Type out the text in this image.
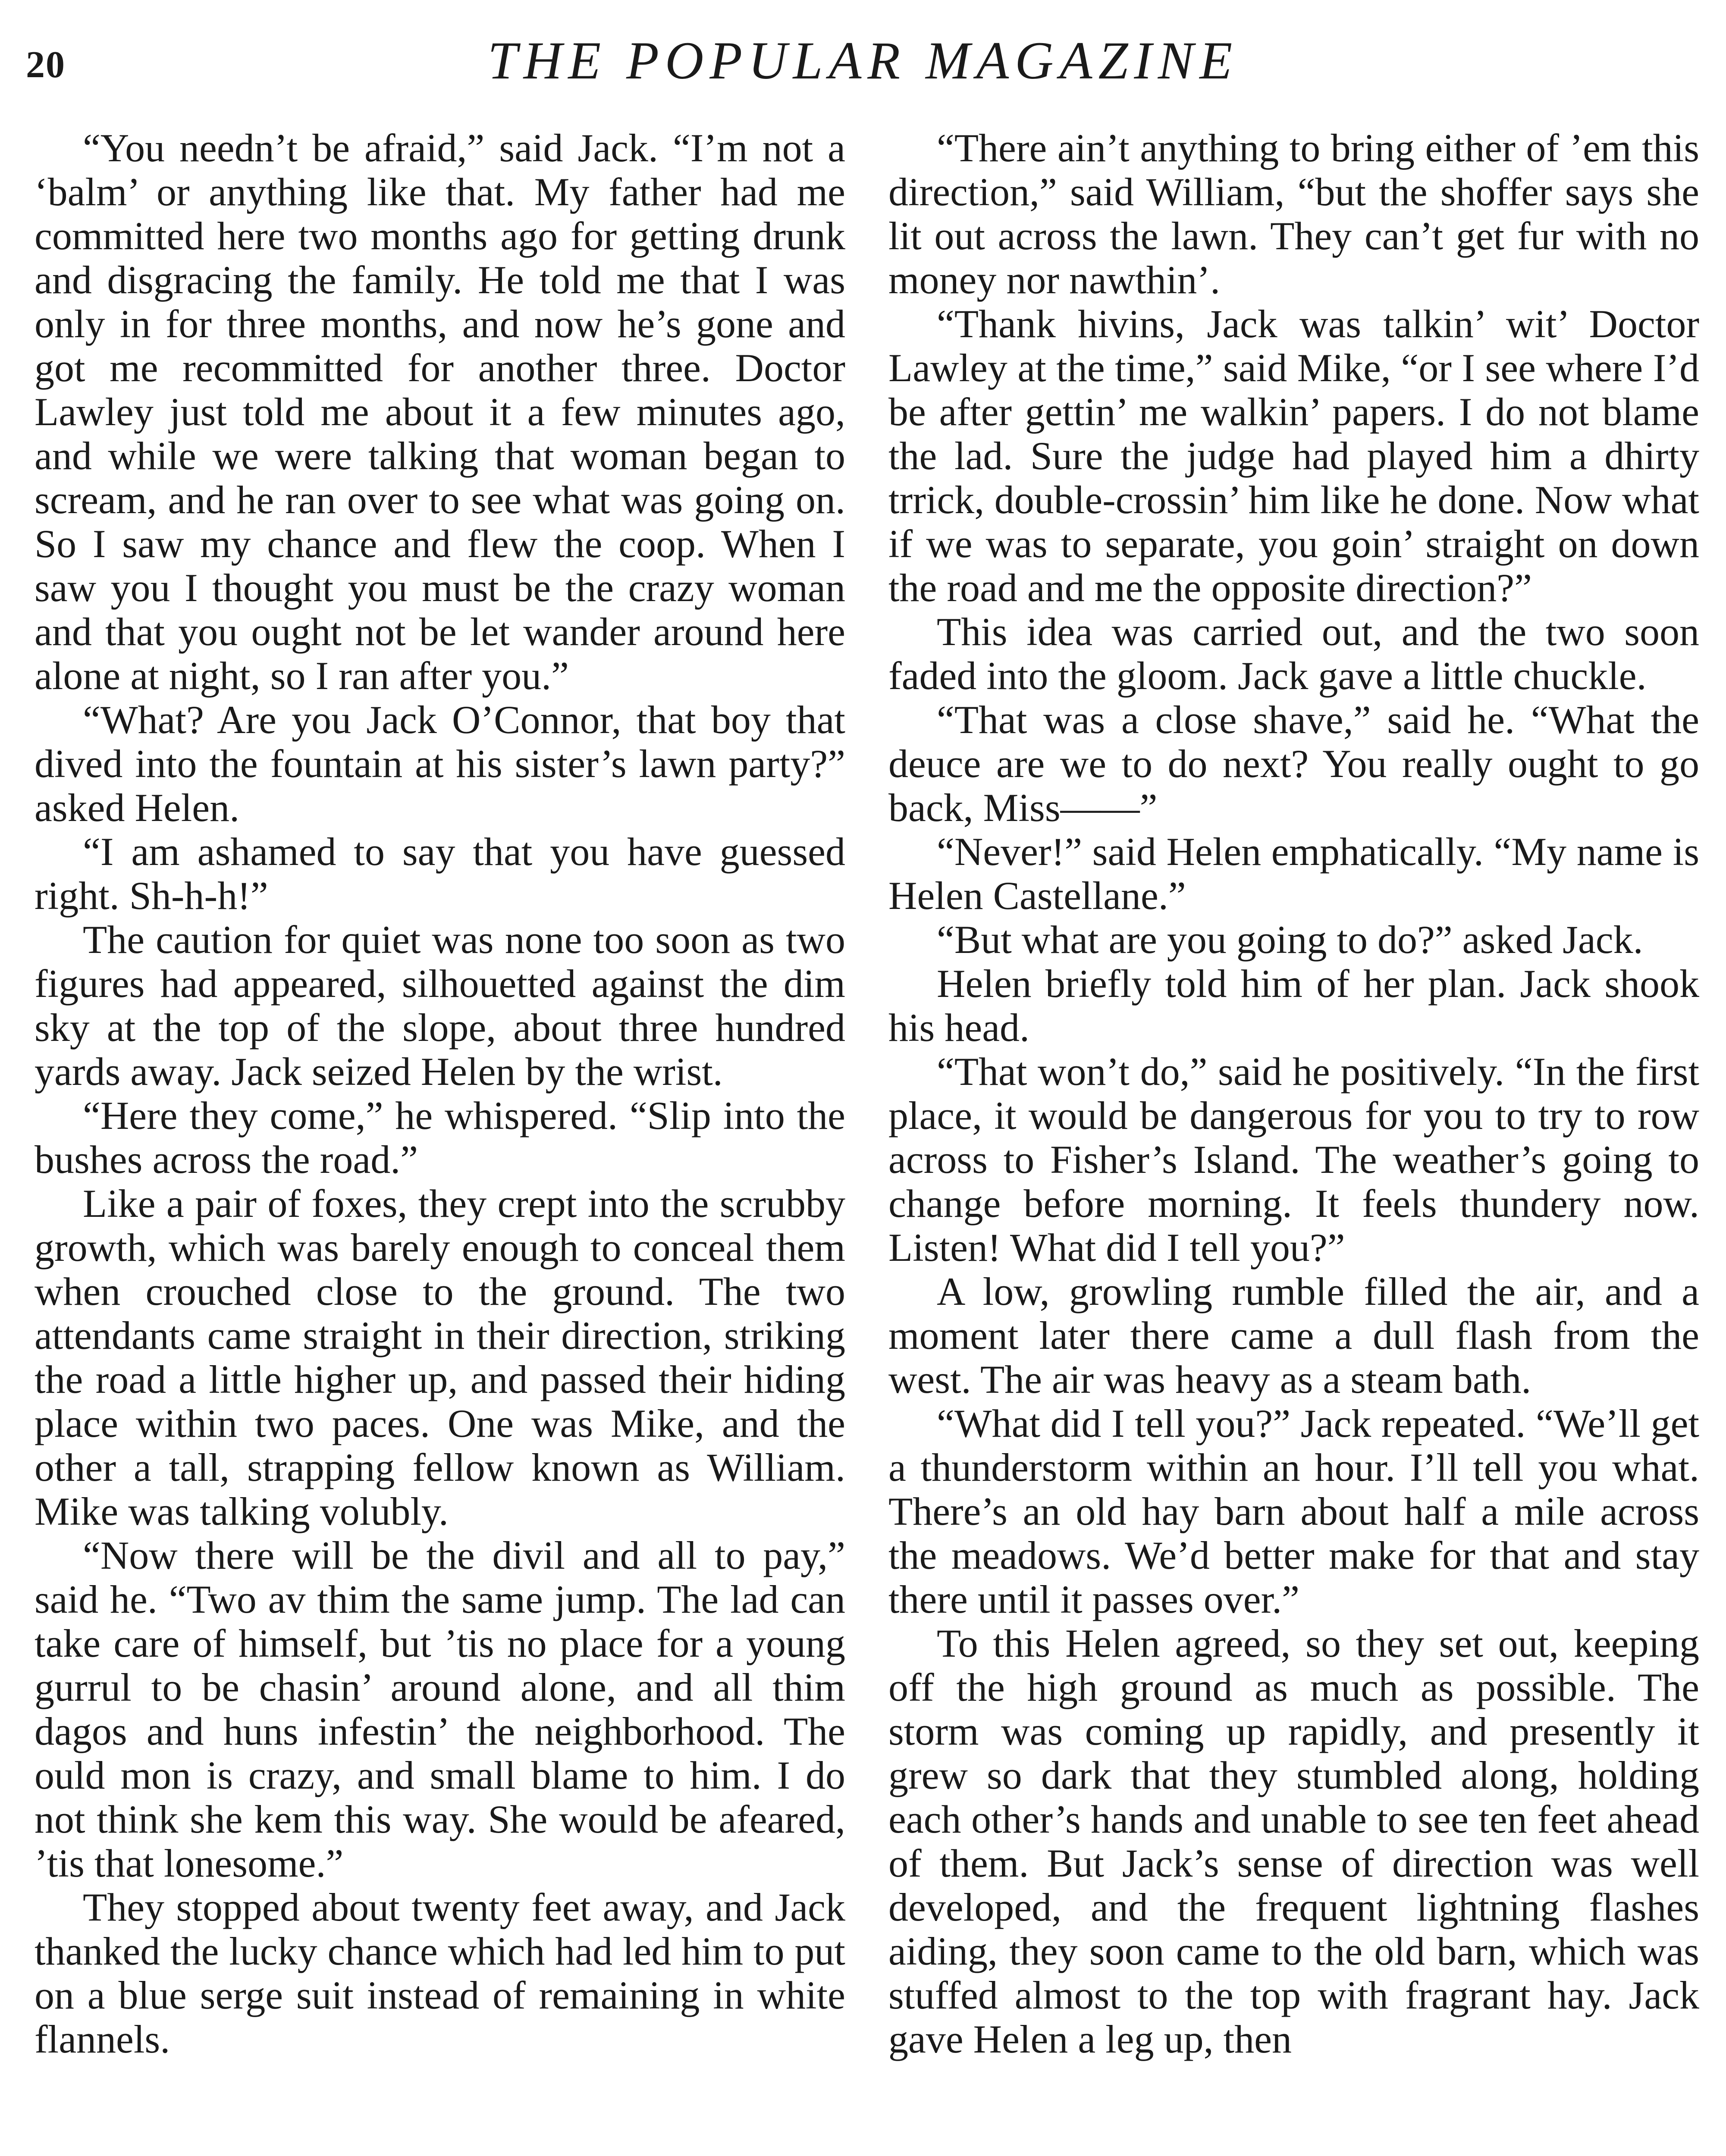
20	THE POPULAR MAGAZINE

“You needn’t be afraid,” said Jack. “I’m not a ‘balm’ or anything like that. My father had me committed here two months ago for getting drunk and disgracing the family. He told me that I was only in for three months, and now he’s gone and got me recommitted for another three. Doctor Lawley just told me about it a few minutes ago, and while we were talking that woman began to scream, and he ran over to see what was going on. So I saw my chance and flew the coop. When I saw you I thought you must be the crazy woman and that you ought not be let wander around here alone at night, so I ran after you.”

“What? Are you Jack O’Connor, that boy that dived into the fountain at his sister’s lawn party?” asked Helen.

“I am ashamed to say that you have guessed right. Sh-h-h!”

The caution for quiet was none too soon as two figures had appeared, silhouetted against the dim sky at the top of the slope, about three hundred yards away. Jack seized Helen by the wrist.

“Here they come,” he whispered. “Slip into the bushes across the road.”

Like a pair of foxes, they crept into the scrubby growth, which was barely enough to conceal them when crouched close to the ground. The two attendants came straight in their direction, striking the road a little higher up, and passed their hiding place within two paces. One was Mike, and the other a tall, strapping fellow known as William. Mike was talking volubly.

“Now there will be the divil and all to pay,” said he. “Two av thim the same jump. The lad can take care of himself, but ’tis no place for a young gurrul to be chasin’ around alone, and all thim dagos and huns infestin’ the neighborhood. The ould mon is crazy, and small blame to him. I do not think she kem this way. She would be afeared, ’tis that lonesome.”

They stopped about twenty feet away, and Jack thanked the lucky chance which had led him to put on a blue serge suit instead of remaining in white flannels.

“There ain’t anything to bring either of ’em this direction,” said William, “but the shoffer says she lit out across the lawn. They can’t get fur with no money nor nawthin’.

“Thank hivins, Jack was talkin’ wit’ Doctor Lawley at the time,” said Mike, “or I see where I’d be after gettin’ me walkin’ papers. I do not blame the lad. Sure the judge had played him a dhirty trrick, double-crossin’ him like he done. Now what if we was to separate, you goin’ straight on down the road and me the opposite direction?”

This idea was carried out, and the two soon faded into the gloom. Jack gave a little chuckle.

“That was a close shave,” said he. “What the deuce are we to do next? You really ought to go back, Miss——”

“Never!” said Helen emphatically. “My name is Helen Castellane.”

“But what are you going to do?” asked Jack.

Helen briefly told him of her plan. Jack shook his head.

“That won’t do,” said he positively. “In the first place, it would be dangerous for you to try to row across to Fisher’s Island. The weather’s going to change before morning. It feels thundery now. Listen! What did I tell you?”

A low, growling rumble filled the air, and a moment later there came a dull flash from the west. The air was heavy as a steam bath.

“What did I tell you?” Jack repeated. “We’ll get a thunderstorm within an hour. I’ll tell you what. There’s an old hay barn about half a mile across the meadows. We’d better make for that and stay there until it passes over.”

To this Helen agreed, so they set out, keeping off the high ground as much as possible. The storm was coming up rapidly, and presently it grew so dark that they stumbled along, holding each other’s hands and unable to see ten feet ahead of them. But Jack’s sense of direction was well developed, and the frequent lightning flashes aiding, they soon came to the old barn, which was stuffed almost to the top with fragrant hay. Jack gave Helen a leg up, then
